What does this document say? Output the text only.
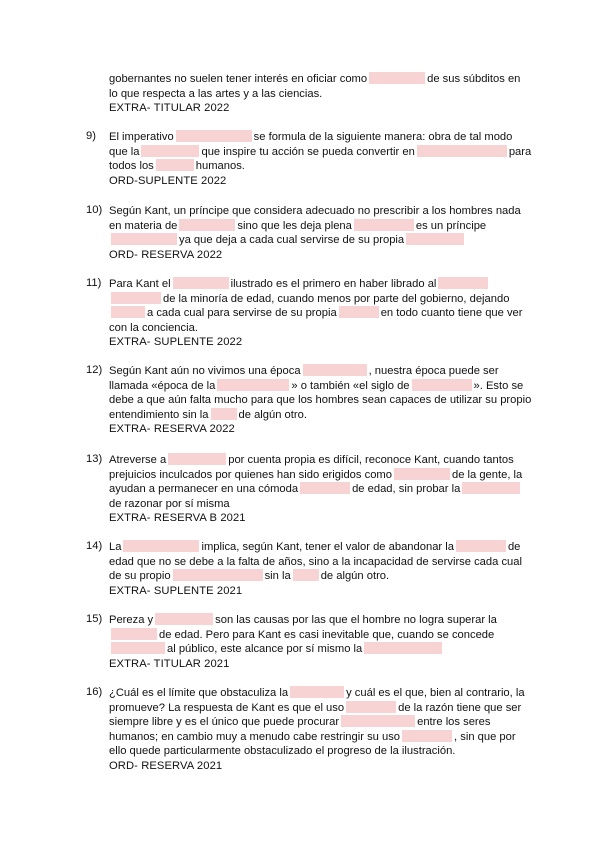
gobernantes no suelen tener interés en oficiar como	de sus súbditos en
lo que respecta a las artes y a las ciencias.
EXTRA- TITULAR 2022
9)	El imperativo	se formula de la siguiente manera: obra de tal modo
que la	que inspire tu acción se pueda convertir en	para
todos los	humanos.
ORD-SUPLENTE 2022
10) Según Kant, un príncipe que considera adecuado no prescribir a los hombres nada
en materia de	sino que les deja plena	es un príncipe
ya que deja a cada cual servirse de su propia
ORD- RESERVA 2022
11) Para Kant el	ilustrado es el primero en haber librado al
de la minoría de edad, cuando menos por parte del gobierno, dejando
a cada cual para servirse de su propia	en todo cuanto tiene que ver
con la conciencia.
EXTRA- SUPLENTE 2022
12) Según Kant aún no vivimos una época	, nuestra época puede ser
llamada «época de la	» o también «el siglo de	». Esto se
debe a que aún falta mucho para que los hombres sean capaces de utilizar su propio
entendimiento sin la	de algún otro.
EXTRA- RESERVA 2022
13) Atreverse a	por cuenta propia es difícil, reconoce Kant, cuando tantos
prejuicios inculcados por quienes han sido erigidos como	de la gente, la
ayudan a permanecer en una cómoda	de edad, sin probar la
de razonar por sí misma
EXTRA- RESERVA B 2021
14) La	implica, según Kant, tener el valor de abandonar la	de
edad que no se debe a la falta de años, sino a la incapacidad de servirse cada cual
de su propio	sin la	de algún otro.
EXTRA- SUPLENTE 2021
15) Pereza y	son las causas por las que el hombre no logra superar la
de edad. Pero para Kant es casi inevitable que, cuando se concede
al público, este alcance por sí mismo la
EXTRA- TITULAR 2021
16) ¿Cuál es el límite que obstaculiza la	y cuál es el que, bien al contrario, la
promueve? La respuesta de Kant es que el uso	de la razón tiene que ser
siempre libre y es el único que puede procurar	entre los seres
humanos; en cambio muy a menudo cabe restringir su uso	, sin que por
ello quede particularmente obstaculizado el progreso de la ilustración.
ORD- RESERVA 2021
